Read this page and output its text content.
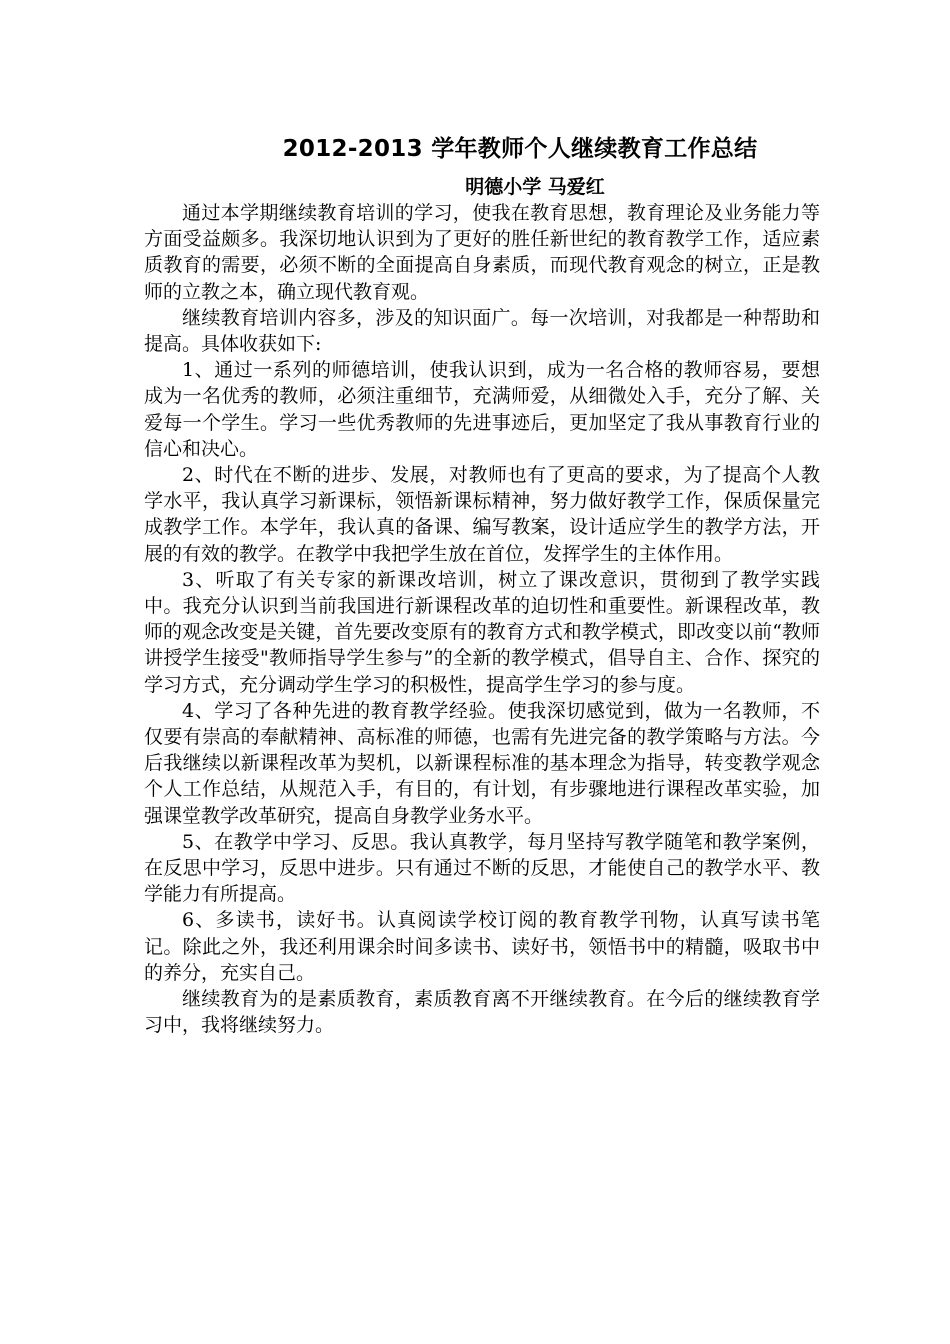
2012-2013 学年教师个人继续教育工作总结
明德小学 马爱红

通过本学期继续教育培训的学习，使我在教育思想，教育理论及业务能力等方面受益颇多。我深切地认识到为了更好的胜任新世纪的教育教学工作，适应素质教育的需要，必须不断的全面提高自身素质，而现代教育观念的树立，正是教师的立教之本，确立现代教育观。

继续教育培训内容多，涉及的知识面广。每一次培训，对我都是一种帮助和提高。具体收获如下:

1、通过一系列的师德培训，使我认识到，成为一名合格的教师容易，要想成为一名优秀的教师，必须注重细节，充满师爱，从细微处入手，充分了解、关爱每一个学生。学习一些优秀教师的先进事迹后，更加坚定了我从事教育行业的信心和决心。

2、时代在不断的进步、发展，对教师也有了更高的要求，为了提高个人教学水平，我认真学习新课标，领悟新课标精神，努力做好教学工作，保质保量完成教学工作。本学年，我认真的备课、编写教案，设计适应学生的教学方法，开展的有效的教学。在教学中我把学生放在首位，发挥学生的主体作用。

3、听取了有关专家的新课改培训，树立了课改意识，贯彻到了教学实践中。我充分认识到当前我国进行新课程改革的迫切性和重要性。新课程改革，教师的观念改变是关键，首先要改变原有的教育方式和教学模式，即改变以前“教师讲授学生接受"教师指导学生参与”的全新的教学模式，倡导自主、合作、探究的学习方式，充分调动学生学习的积极性，提高学生学习的参与度。

4、学习了各种先进的教育教学经验。使我深切感觉到，做为一名教师，不仅要有崇高的奉献精神、高标准的师德，也需有先进完备的教学策略与方法。今后我继续以新课程改革为契机，以新课程标准的基本理念为指导，转变教学观念个人工作总结，从规范入手，有目的，有计划，有步骤地进行课程改革实验，加强课堂教学改革研究，提高自身教学业务水平。

5、在教学中学习、反思。我认真教学，每月坚持写教学随笔和教学案例，在反思中学习，反思中进步。只有通过不断的反思，才能使自己的教学水平、教学能力有所提高。

6、多读书，读好书。认真阅读学校订阅的教育教学刊物，认真写读书笔记。除此之外，我还利用课余时间多读书、读好书，领悟书中的精髓，吸取书中的养分，充实自己。

继续教育为的是素质教育，素质教育离不开继续教育。在今后的继续教育学习中，我将继续努力。
